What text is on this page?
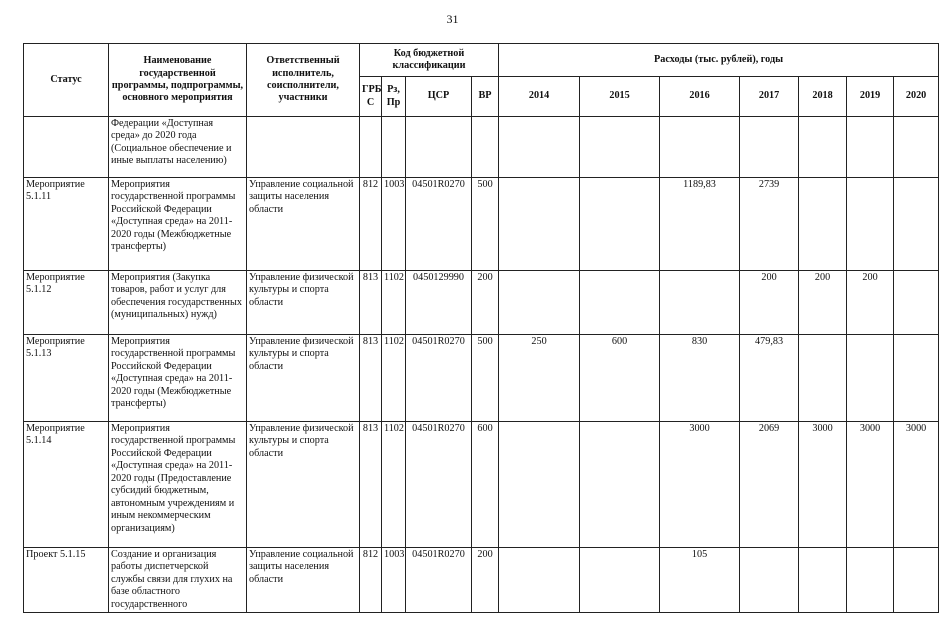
31
Статус	Наименование государственной программы, подпрограммы, основного мероприятия	Ответственный исполнитель, соисполнители, участники	Код бюджетной классификации				Расходы (тыс. рублей), годы						
			ГРБ С	Рз, Пр	ЦСР	ВР	2014	2015	2016	2017	2018	2019	2020
	Федерации «Доступная среда» до 2020 года (Социальное обеспечение и иные выплаты населению)												
Мероприятие 5.1.11	Мероприятия государственной программы Российской Федерации «Доступная среда» на 2011-2020 годы (Межбюджетные трансферты)	Управление социальной защиты населения области	812	1003	04501R0270	500			1189,83	2739			
Мероприятие 5.1.12	Мероприятия (Закупка товаров, работ и услуг для обеспечения государственных (муниципальных) нужд)	Управление физической культуры и спорта области	813	1102	0450129990	200				200	200	200	
Мероприятие 5.1.13	Мероприятия государственной программы Российской Федерации «Доступная среда» на 2011-2020 годы (Межбюджетные трансферты)	Управление физической культуры и спорта области	813	1102	04501R0270	500	250	600	830	479,83			
Мероприятие 5.1.14	Мероприятия государственной программы Российской Федерации «Доступная среда» на 2011-2020 годы (Предоставление субсидий бюджетным, автономным учреждениям и иным некоммерческим организациям)	Управление физической культуры и спорта области	813	1102	04501R0270	600			3000	2069	3000	3000	3000
Проект 5.1.15	Создание и организация работы диспетчерской службы связи для глухих на базе областного государственного	Управление социальной защиты населения области	812	1003	04501R0270	200			105				
